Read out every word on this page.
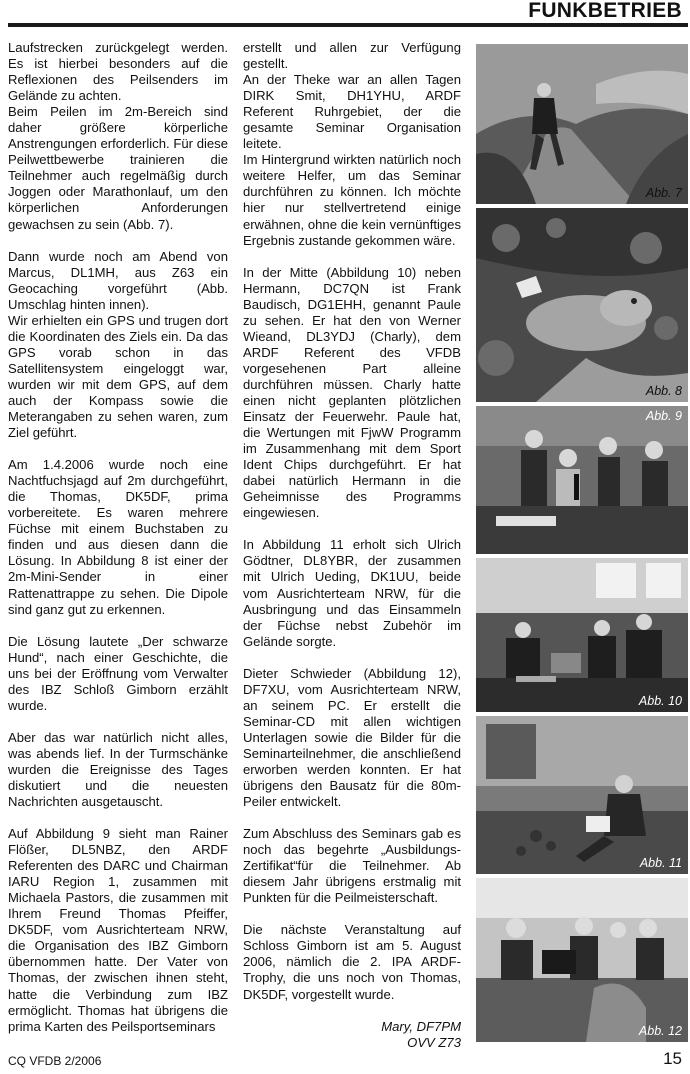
FUNKBETRIEB

Laufstrecken zurückgelegt werden. Es ist hierbei besonders auf die Reflexionen des Peilsenders im Gelände zu achten.
Beim Peilen im 2m-Bereich sind daher größere körperliche Anstrengungen erforderlich. Für diese Peilwettbewerbe trainieren die Teilnehmer auch regelmäßig durch Joggen oder Marathonlauf, um den körperlichen Anforderungen gewachsen zu sein (Abb. 7).

Dann wurde noch am Abend von Marcus, DL1MH, aus Z63 ein Geocaching vorgeführt (Abb. Umschlag hinten innen).
Wir erhielten ein GPS und trugen dort die Koordinaten des Ziels ein. Da das GPS vorab schon in das Satellitensystem eingeloggt war, wurden wir mit dem GPS, auf dem auch der Kompass sowie die Meterangaben zu sehen waren, zum Ziel geführt.

Am 1.4.2006 wurde noch eine Nachtfuchsjagd auf 2m durchgeführt, die Thomas, DK5DF, prima vorbereitete. Es waren mehrere Füchse mit einem Buchstaben zu finden und aus diesen dann die Lösung. In Abbildung 8 ist einer der 2m-Mini-Sender in einer Rattenattrappe zu sehen. Die Dipole sind ganz gut zu erkennen.

Die Lösung lautete „Der schwarze Hund“, nach einer Geschichte, die uns bei der Eröffnung vom Verwalter des IBZ Schloß Gimborn erzählt wurde.

Aber das war natürlich nicht alles, was abends lief. In der Turmschänke wurden die Ereignisse des Tages diskutiert und die neuesten Nachrichten ausgetauscht.

Auf Abbildung 9 sieht man Rainer Flößer, DL5NBZ, den ARDF Referenten des DARC und Chairman IARU Region 1, zusammen mit Michaela Pastors, die zusammen mit Ihrem Freund Thomas Pfeiffer, DK5DF, vom Ausrichterteam NRW, die Organisation des IBZ Gimborn übernommen hatte. Der Vater von Thomas, der zwischen ihnen steht, hatte die Verbindung zum IBZ ermöglicht. Thomas hat übrigens die prima Karten des Peilsportseminars

erstellt und allen zur Verfügung gestellt.
An der Theke war an allen Tagen DIRK Smit, DH1YHU, ARDF Referent Ruhrgebiet, der die gesamte Seminar Organisation leitete.
Im Hintergrund wirkten natürlich noch weitere Helfer, um das Seminar durchführen zu können. Ich möchte hier nur stellvertretend einige erwähnen, ohne die kein vernünftiges Ergebnis zustande gekommen wäre.

In der Mitte (Abbildung 10) neben Hermann, DC7QN ist Frank Baudisch, DG1EHH, genannt Paule zu sehen. Er hat den von Werner Wieand, DL3YDJ (Charly), dem ARDF Referent des VFDB vorgesehenen Part alleine durchführen müssen. Charly hatte einen nicht geplanten plötzlichen Einsatz der Feuerwehr. Paule hat, die Wertungen mit FjwW Programm im Zusammenhang mit dem Sport Ident Chips durchgeführt. Er hat dabei natürlich Hermann in die Geheimnisse des Programms eingewiesen.

In Abbildung 11 erholt sich Ulrich Gödtner, DL8YBR, der zusammen mit Ulrich Ueding, DK1UU, beide vom Ausrichterteam NRW, für die Ausbringung und das Einsammeln der Füchse nebst Zubehör im Gelände sorgte.

Dieter Schwieder (Abbildung 12), DF7XU, vom Ausrichterteam NRW, an seinem PC. Er erstellt die Seminar-CD mit allen wichtigen Unterlagen sowie die Bilder für die Seminarteilnehmer, die anschließend erworben werden konnten. Er hat übrigens den Bausatz für die 80m-Peiler entwickelt.

Zum Abschluss des Seminars gab es noch das begehrte „Ausbildungs-Zertifikat“für die Teilnehmer. Ab diesem Jahr übrigens erstmalig mit Punkten für die Peilmeisterschaft.

Die nächste Veranstaltung auf Schloss Gimborn ist am 5. August 2006, nämlich die 2. IPA ARDF-Trophy, die uns noch von Thomas, DK5DF, vorgestellt wurde.

Mary, DF7PM
OVV Z73
Abb. 7
Abb. 8
Abb. 9
Abb. 10
Abb. 11
Abb. 12
CQ VFDB 2/2006	15
